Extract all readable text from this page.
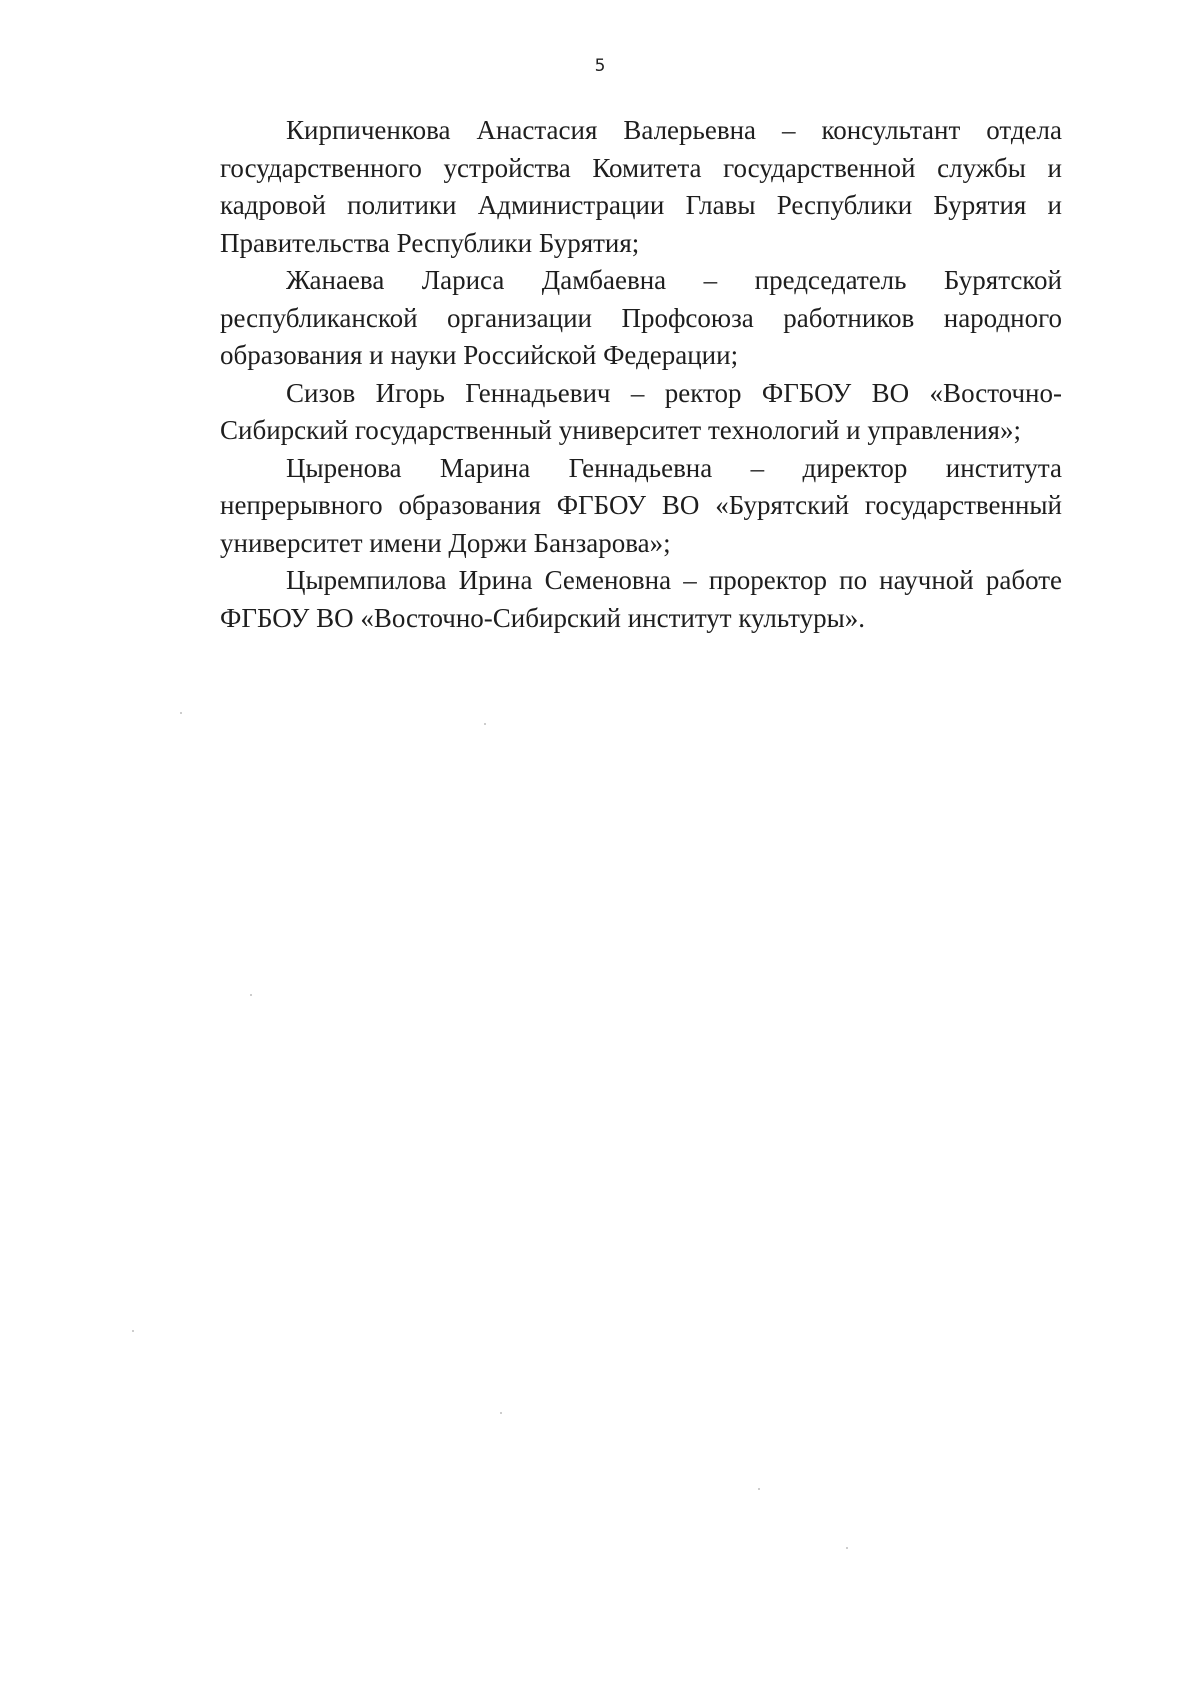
5

Кирпиченкова Анастасия Валерьевна – консультант отдела государственного устройства Комитета государственной службы и кадровой политики Администрации Главы Республики Бурятия и Правительства Республики Бурятия;

Жанаева Лариса Дамбаевна – председатель Бурятской республиканской организации Профсоюза работников народного образования и науки Российской Федерации;

Сизов Игорь Геннадьевич – ректор ФГБОУ ВО «Восточно-Сибирский государственный университет технологий и управления»;

Цыренова Марина Геннадьевна – директор института непрерывного образования ФГБОУ ВО «Бурятский государственный университет имени Доржи Банзарова»;

Цыремпилова Ирина Семеновна – проректор по научной работе ФГБОУ ВО «Восточно-Сибирский институт культуры».
